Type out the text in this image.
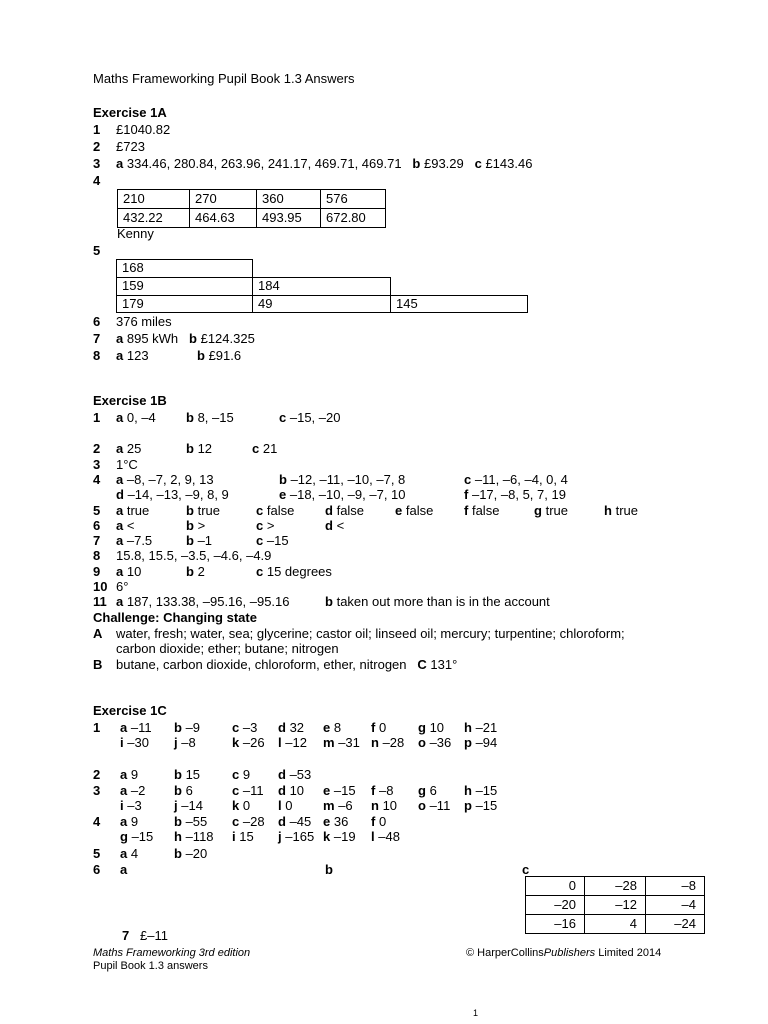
Maths Frameworking Pupil Book 1.3 Answers
Exercise 1A
1 £1040.82
2 £723
3 a 334.46, 280.84, 263.96, 241.17, 469.71, 469.71 b £93.29 c £143.46
4
210	270	360	576
432.22	464.63	493.95	672.80
Kenny
5
168
159	184
179	49	145
6 376 miles
7 a 895 kWh b £124.325
8 a 123	b £91.6
Exercise 1B
1 a 0, –4 b 8, –15	c –15, –20
2 a 25	b 12	c 21
3 1°C
4 a –8, –7, 2, 9, 13	b –12, –11, –10, –7, 8	c –11, –6, –4, 0, 4
d –14, –13, –9, 8, 9	e –18, –10, –9, –7, 10	f –17, –8, 5, 7, 19
5 a true	b true	c false d false e false f false	g true	h true
6 a <	b >	c >	d <
7 a –7.5	b –1	c –15
8 15.8, 15.5, –3.5, –4.6, –4.9
9 a 10	b 2	c 15 degrees
10 6°
11 a 187, 133.38, –95.16, –95.16	b taken out more than is in the account
Challenge: Changing state
A water, fresh; water, sea; glycerine; castor oil; linseed oil; mercury; turpentine; chloroform;
carbon dioxide; ether; butane; nitrogen
B butane, carbon dioxide, chloroform, ether, nitrogen C 131°
Exercise 1C
1 a –11 b –9 c –3 d 32 e 8 f 0 g 10 h –21
i –30 j –8	k –26 l –12 m –31 n –28 o –36 p –94
2 a 9	b 15 c 9 d –53
3 a –2 b 6	c –11 d 10 e –15 f –8 g 6 h –15
i –3 j –14 k 0 l 0 m –6 n 10 o –11 p –15
4 a 9	b –55 c –28 d –45 e 36 f 0
g –15 h –118 i 15 j –165 k –19 l –48
5 a 4	b –20
6 a	b	c
0	–28	–8
–20	–12	–4
–16	4	–24
7 £–11
Maths Frameworking 3rd edition
Pupil Book 1.3 answers
© HarperCollinsPublishers Limited 2014
1
